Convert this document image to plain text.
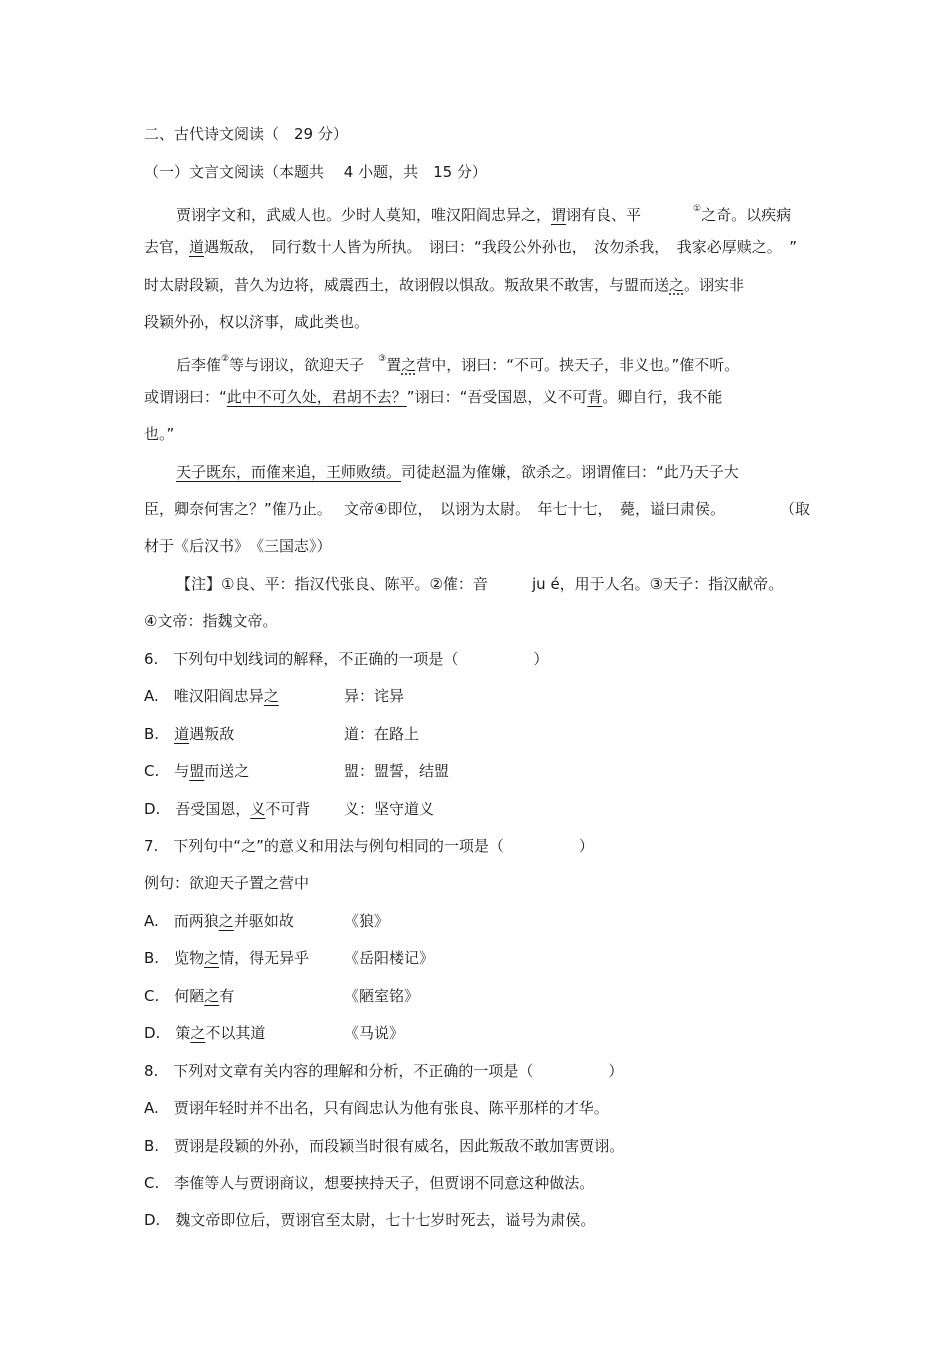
二、古代诗文阅读（　29 分）
（一）文言文阅读（本题共　 4 小题，共　15 分）
贾诩字文和，武威人也。少时人莫知，唯汉阳阎忠异之，谓诩有良、平	①之奇。以疾病
去官，道遇叛敌，　同行数十人皆为所执。　诩曰：“我段公外孙也，　汝勿杀我，　我家必厚赎之。　”
时太尉段颖，昔久为边将，威震西土，故诩假以惧敌。叛敌果不敢害，与盟而送之。诩实非
段颖外孙，权以济事，咸此类也。
后李傕②等与诩议，欲迎天子 ③置之营中，诩曰：“不可。挟天子，非义也。”傕不听。
或谓诩曰：“此中不可久处，君胡不去？”诩曰：“吾受国恩，义不可背。卿自行，我不能
也。”
天子既东，而傕来追，王师败绩。司徒赵温为傕嫌，欲杀之。诩谓傕曰：“此乃天子大
臣，卿奈何害之？”傕乃止。　 文帝④即位，　以诩为太尉。　年七十七，　薨，谥曰肃侯。	（取
材于《后汉书》　《三国志》）
【注】①良、平：指汉代张良、陈平。②傕：音	ju é，用于人名。③天子：指汉献帝。
④文帝：指魏文帝。
6.　下列句中划线词的解释，不正确的一项是（　　　　　）
A.　唯汉阳阎忠异之	异：诧异
B.　道遇叛敌	道：在路上
C.　与盟而送之	盟：盟誓，结盟
D.　吾受国恩，义不可背 义：坚守道义
7.　下列句中“之”的意义和用法与例句相同的一项是（　　　　　）
例句：欲迎天子置之营中
A.　而两狼之并驱如故	《狼》
B.　览物之情，得无异乎 《岳阳楼记》
C.　何陋之有	《陋室铭》
D.　策之不以其道	《马说》
8.　下列对文章有关内容的理解和分析，不正确的一项是（　　　　　）
A.　贾诩年轻时并不出名，只有阎忠认为他有张良、陈平那样的才华。
B.　贾诩是段颖的外孙，而段颖当时很有威名，因此叛敌不敢加害贾诩。
C.　李傕等人与贾诩商议，想要挟持天子，但贾诩不同意这种做法。
D.　魏文帝即位后，贾诩官至太尉，七十七岁时死去，谥号为肃侯。
